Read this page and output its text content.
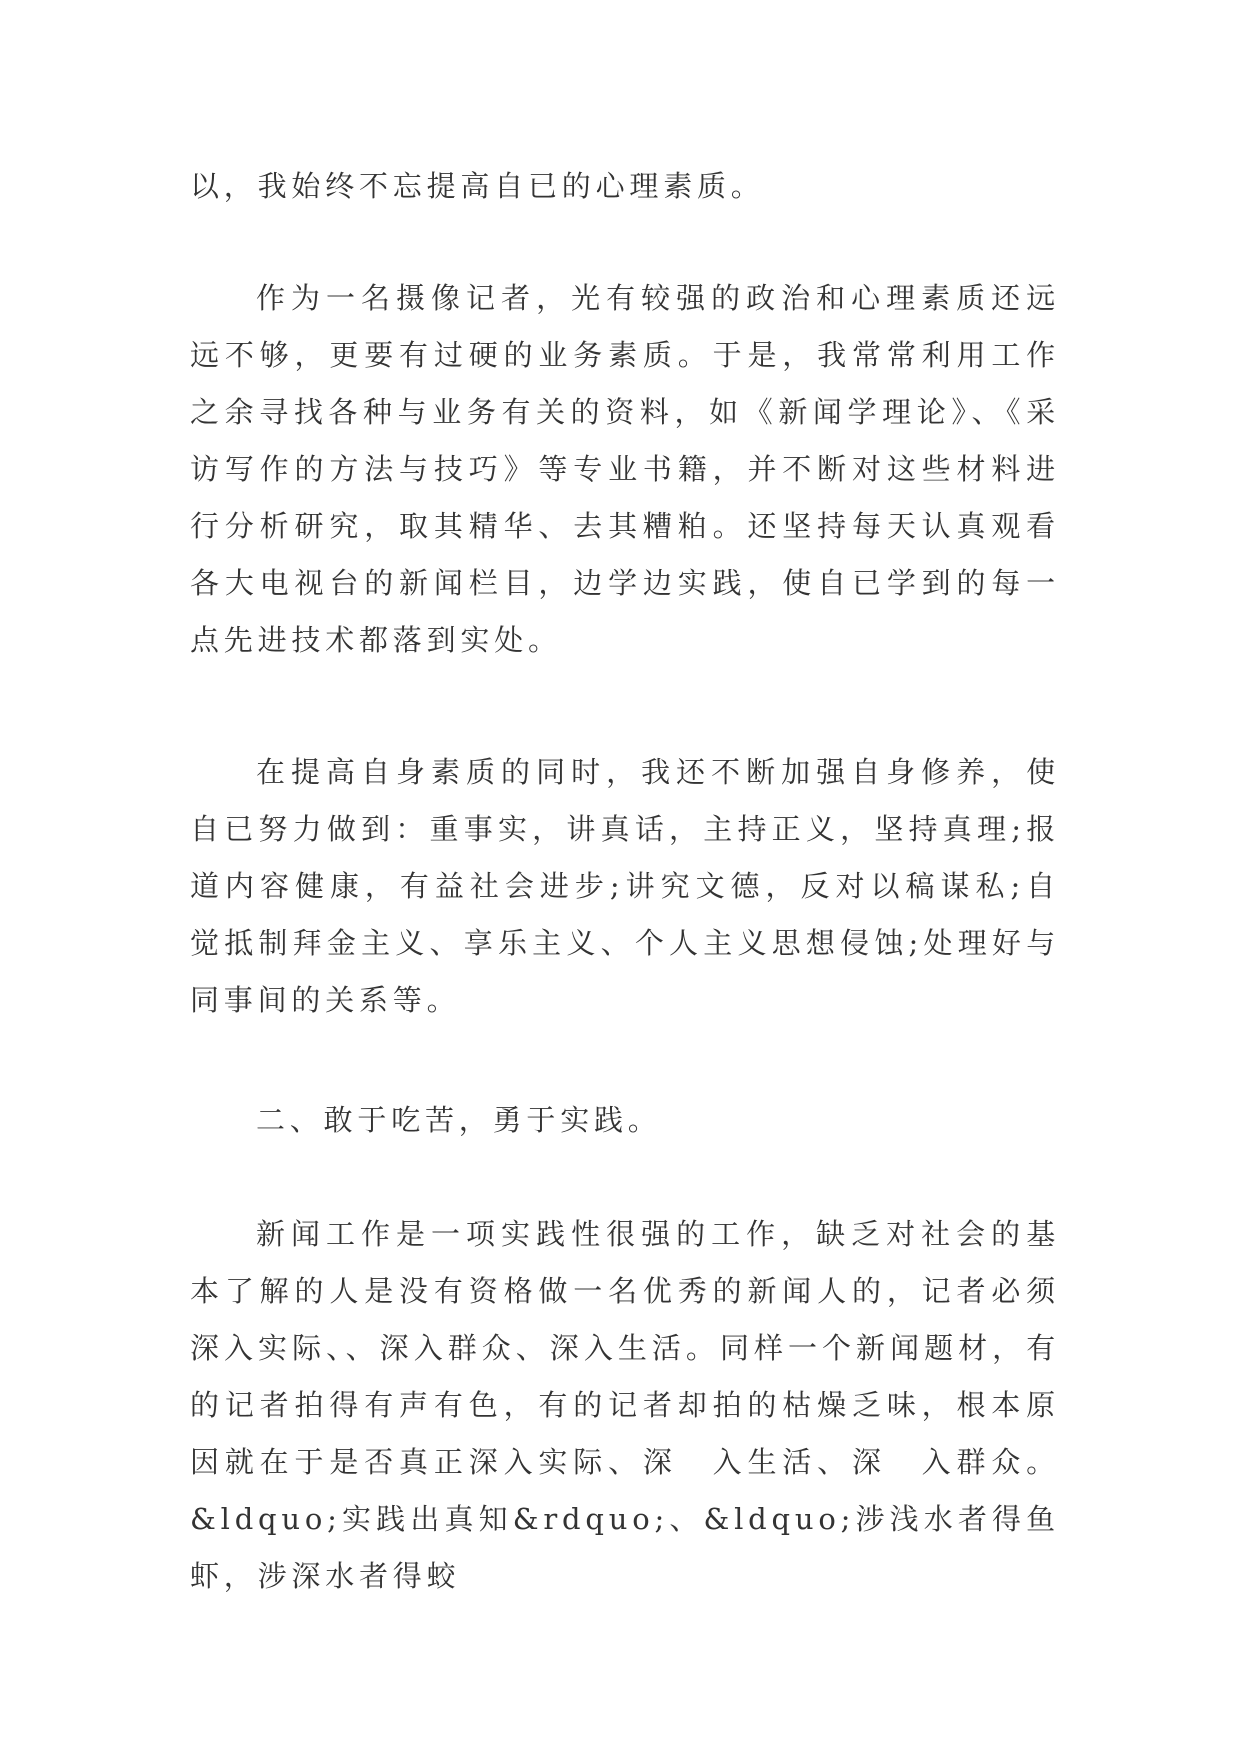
以，我始终不忘提高自已的心理素质。

作为一名摄像记者，光有较强的政治和心理素质还远远不够，更要有过硬的业务素质。于是，我常常利用工作之余寻找各种与业务有关的资料，如《新闻学理论》、《采访写作的方法与技巧》等专业书籍，并不断对这些材料进行分析研究，取其精华、去其糟粕。还坚持每天认真观看各大电视台的新闻栏目，边学边实践，使自已学到的每一点先进技术都落到实处。

在提高自身素质的同时，我还不断加强自身修养，使自已努力做到：重事实，讲真话，主持正义，坚持真理;报道内容健康，有益社会进步;讲究文德，反对以稿谋私;自觉抵制拜金主义、享乐主义、个人主义思想侵蚀;处理好与同事间的关系等。

二、敢于吃苦，勇于实践。

新闻工作是一项实践性很强的工作，缺乏对社会的基本了解的人是没有资格做一名优秀的新闻人的，记者必须深入实际、、深入群众、深入生活。同样一个新闻题材，有的记者拍得有声有色，有的记者却拍的枯燥乏味，根本原因就在于是否真正深入实际、深　入生活、深　入群众。&ldquo;实践出真知&rdquo;、&ldquo;涉浅水者得鱼虾，涉深水者得蛟
